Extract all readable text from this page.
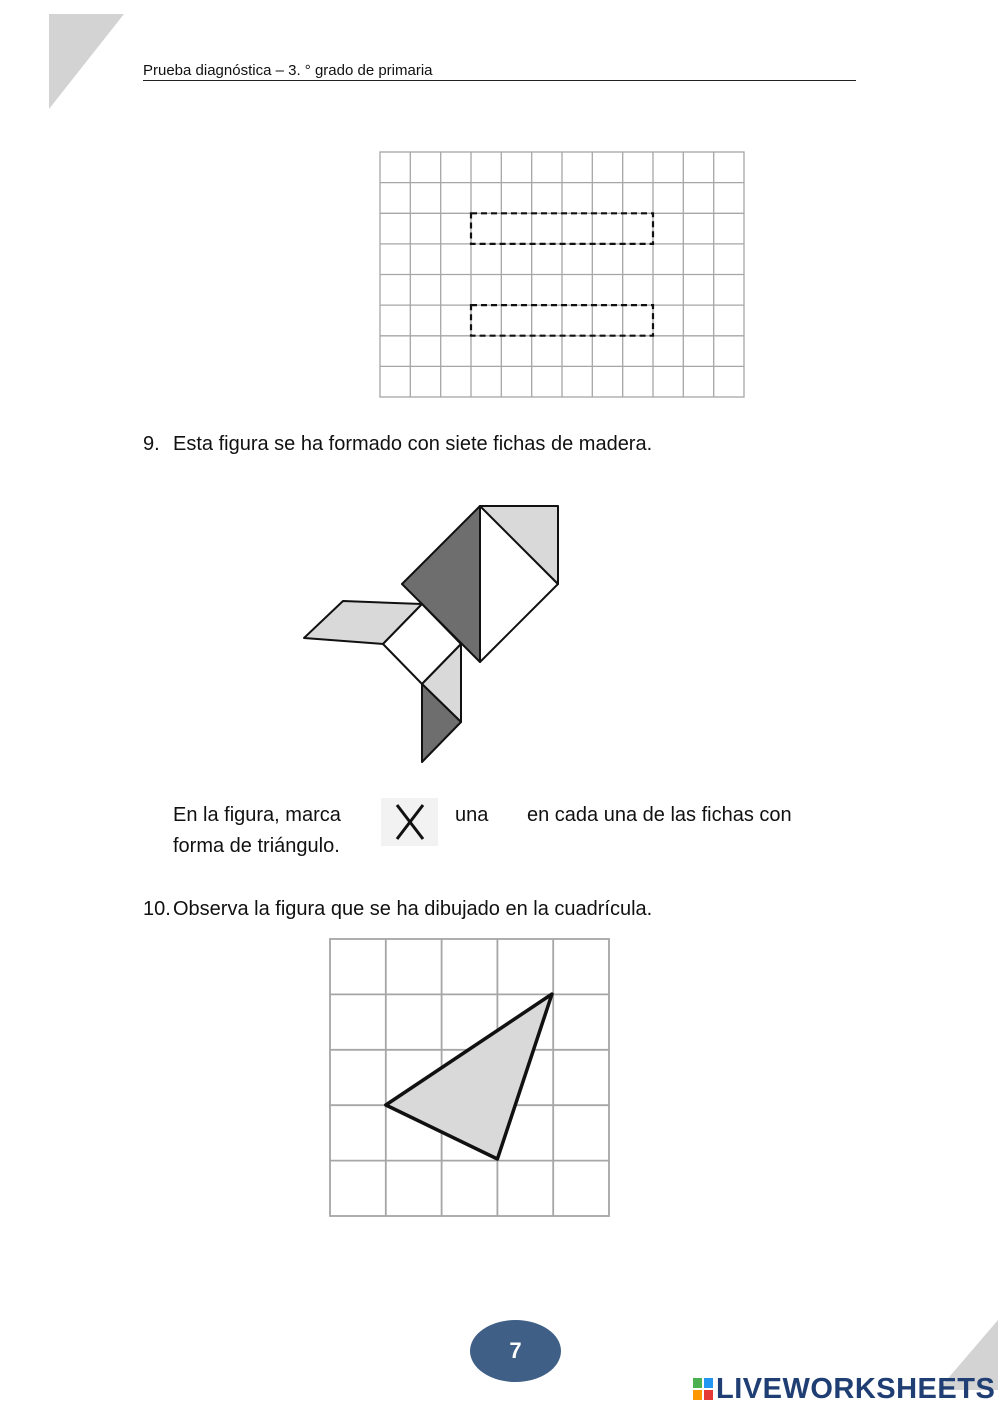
Prueba diagnóstica – 3. ° grado de primaria
9. Esta figura se ha formado con siete fichas de madera.
En la figura, marca	una en cada una de las fichas con
forma de triángulo.
10. Observa la figura que se ha dibujado en la cuadrícula.
7
LIVEWORKSHEETS
